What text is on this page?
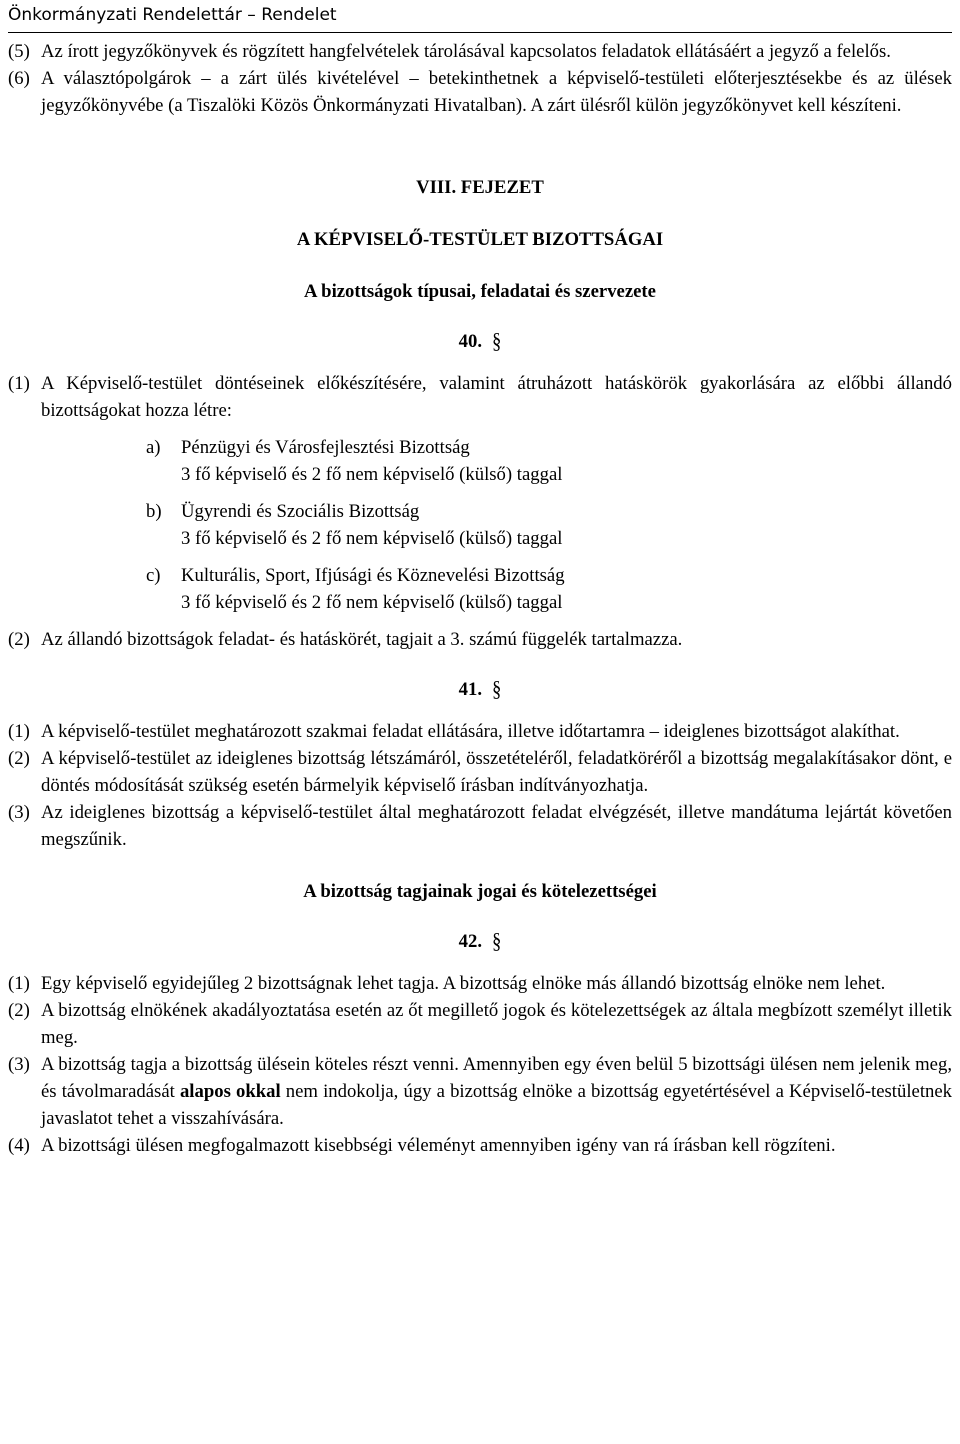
Önkormányzati Rendelettár – Rendelet
(5) Az írott jegyzőkönyvek és rögzített hangfelvételek tárolásával kapcsolatos feladatok ellátásáért a jegyző a felelős.
(6) A választópolgárok – a zárt ülés kivételével – betekinthetnek a képviselő-testületi előterjesztésekbe és az ülések jegyzőkönyvébe (a Tiszalöki Közös Önkormányzati Hivatalban). A zárt ülésről külön jegyzőkönyvet kell készíteni.
VIII. FEJEZET
A KÉPVISELŐ-TESTÜLET BIZOTTSÁGAI
A bizottságok típusai, feladatai és szervezete
40. §
(1) A Képviselő-testület döntéseinek előkészítésére, valamint átruházott hatáskörök gyakorlására az előbbi állandó bizottságokat hozza létre:
a) Pénzügyi és Városfejlesztési Bizottság
3 fő képviselő és 2 fő nem képviselő (külső) taggal
b) Ügyrendi és Szociális Bizottság
3 fő képviselő és 2 fő nem képviselő (külső) taggal
c) Kulturális, Sport, Ifjúsági és Köznevelési Bizottság
3 fő képviselő és 2 fő nem képviselő (külső) taggal
(2) Az állandó bizottságok feladat- és hatáskörét, tagjait a 3. számú függelék tartalmazza.
41. §
(1) A képviselő-testület meghatározott szakmai feladat ellátására, illetve időtartamra – ideiglenes bizottságot alakíthat.
(2) A képviselő-testület az ideiglenes bizottság létszámáról, összetételéről, feladatköréről a bizottság megalakításakor dönt, e döntés módosítását szükség esetén bármelyik képviselő írásban indítványozhatja.
(3) Az ideiglenes bizottság a képviselő-testület által meghatározott feladat elvégzését, illetve mandátuma lejártát követően megszűnik.
A bizottság tagjainak jogai és kötelezettségei
42. §
(1) Egy képviselő egyidejűleg 2 bizottságnak lehet tagja. A bizottság elnöke más állandó bizottság elnöke nem lehet.
(2) A bizottság elnökének akadályoztatása esetén az őt megillető jogok és kötelezettségek az általa megbízott személyt illetik meg.
(3) A bizottság tagja a bizottság ülésein köteles részt venni. Amennyiben egy éven belül 5 bizottsági ülésen nem jelenik meg, és távolmaradását alapos okkal nem indokolja, úgy a bizottság elnöke a bizottság egyetértésével a Képviselő-testületnek javaslatot tehet a visszahívására.
(4) A bizottsági ülésen megfogalmazott kisebbségi véleményt amennyiben igény van rá írásban kell rögzíteni.
